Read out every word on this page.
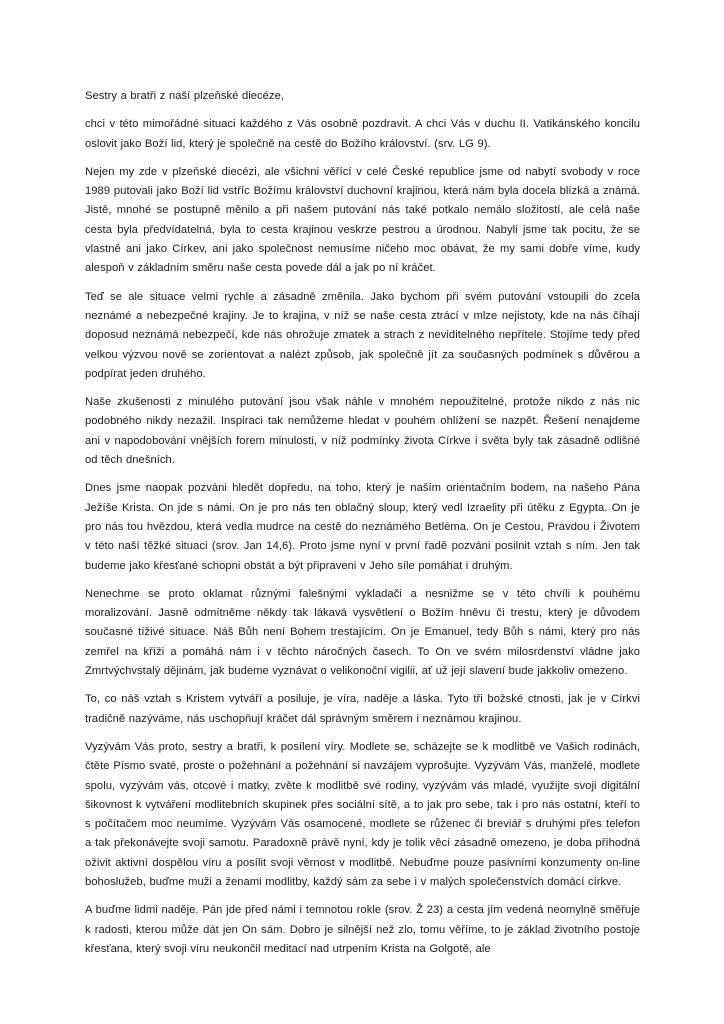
Sestry a bratři z naší plzeňské diecéze,

chci v této mimořádné situaci každého z Vás osobně pozdravit. A chci Vás v duchu II. Vatikánského koncilu oslovit jako Boží lid, který je společně na cestě do Božího království. (srv. LG 9).

Nejen my zde v plzeňské diecézi, ale všichni věřící v celé České republice jsme od nabytí svobody v roce 1989 putovali jako Boží lid vstříc Božímu království duchovní krajinou, která nám byla docela blízká a známá. Jistě, mnohé se postupně měnilo a při našem putování nás také potkalo nemálo složitostí, ale celá naše cesta byla předvídatelná, byla to cesta krajinou veskrze pestrou a úrodnou. Nabyli jsme tak pocitu, že se vlastně ani jako Církev, ani jako společnost nemusíme ničeho moc obávat, že my sami dobře víme, kudy alespoň v základním směru naše cesta povede dál a jak po ní kráčet.

Teď se ale situace velmi rychle a zásadně změnila. Jako bychom při svém putování vstoupili do zcela neznámé a nebezpečné krajiny. Je to krajina, v níž se naše cesta ztrácí v mlze nejistoty, kde na nás číhají doposud neznámá nebezpečí, kde nás ohrožuje zmatek a strach z neviditelného nepřítele. Stojíme tedy před velkou výzvou nově se zorientovat a nalézt způsob, jak společně jít za současných podmínek s důvěrou a podpírat jeden druhého.

Naše zkušenosti z minulého putování jsou však náhle v mnohém nepoužitelné, protože nikdo z nás nic podobného nikdy nezažil. Inspiraci tak nemůžeme hledat v pouhém ohlížení se nazpět. Řešení nenajdeme ani v napodobování vnějších forem minulosti, v níž podmínky života Církve i světa byly tak zásadně odlišné od těch dnešních.

Dnes jsme naopak pozváni hledět dopředu, na toho, který je naším orientačním bodem, na našeho Pána Ježíše Krista. On jde s námi. On je pro nás ten oblačný sloup, který vedl Izraelity při útěku z Egypta. On je pro nás tou hvězdou, která vedla mudrce na cestě do neznámého Betléma. On je Cestou, Pravdou i Životem v této naší těžké situaci (srov. Jan 14,6). Proto jsme nyní v první řadě pozváni posilnit vztah s ním. Jen tak budeme jako křesťané schopni obstát a být připraveni v Jeho síle pomáhat i druhým.

Nenechme se proto oklamat různými falešnými vykladači a nesnižme se v této chvíli k pouhému moralizování. Jasně odmítněme někdy tak lákavá vysvětlení o Božím hněvu či trestu, který je důvodem současné tíživé situace. Náš Bůh není Bohem trestajícím. On je Emanuel, tedy Bůh s námi, který pro nás zemřel na kříži a pomáhá nám i v těchto náročných časech. To On ve svém milosrdenství vládne jako Zmrtvýchvstalý dějinám, jak budeme vyznávat o velikonoční vigilii, ať už její slavení bude jakkoliv omezeno.

To, co náš vztah s Kristem vytváří a posiluje, je víra, naděje a láska. Tyto tři božské ctnosti, jak je v Církvi tradičně nazýváme, nás uschopňují kráčet dál správným směrem i neznámou krajinou.

Vyzývám Vás proto, sestry a bratři, k posílení víry. Modlete se, scházejte se k modlitbě ve Vašich rodinách, čtěte Písmo svaté, proste o požehnání a požehnání si navzájem vyprošujte. Vyzývám Vás, manželé, modlete spolu, vyzývám vás, otcové i matky, zvěte k modlitbě své rodiny, vyzývám vás mladé, využijte svoji digitální šikovnost k vytváření modlitebních skupinek přes sociální sítě, a to jak pro sebe, tak i pro nás ostatní, kteří to s počítačem moc neumíme. Vyzývám Vás osamocené, modlete se růženec či breviář s druhými přes telefon a tak překonávejte svoji samotu. Paradoxně právě nyní, kdy je tolik věcí zásadně omezeno, je doba příhodná oživit aktivní dospělou víru a posílit svoji věrnost v modlitbě. Nebuďme pouze pasivními konzumenty on-line bohoslužeb, buďme muži a ženami modlitby, každý sám za sebe i v malých společenstvích domácí církve.

A buďme lidmi naděje. Pán jde před námi i temnotou rokle (srov. Ž 23) a cesta jím vedená neomylně směřuje k radosti, kterou může dát jen On sám. Dobro je silnější než zlo, tomu věříme, to je základ životního postoje křesťana, který svoji víru neukončil meditací nad utrpením Krista na Golgotě, ale
